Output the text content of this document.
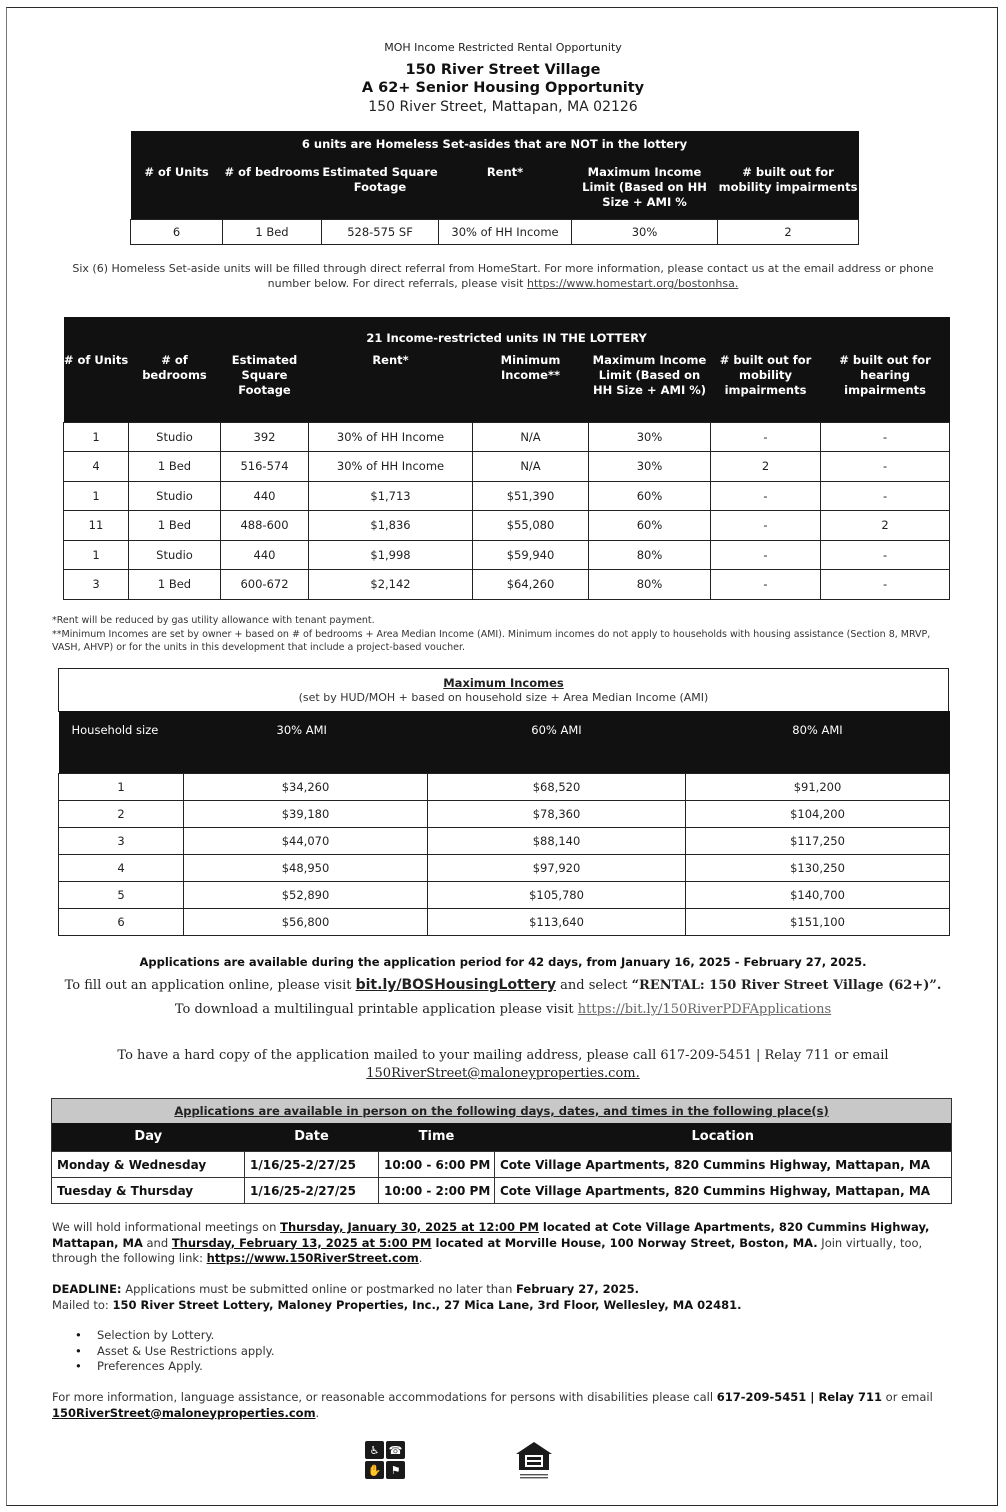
MOH Income Restricted Rental Opportunity
150 River Street Village
A 62+ Senior Housing Opportunity
150 River Street, Mattapan, MA 02126
6 units are Homeless Set-asides that are NOT in the lottery					
# of Units	# of bedrooms	Estimated Square Footage	Rent*	Maximum Income Limit (Based on HH Size + AMI %	# built out for mobility impairments
6	1 Bed	528-575 SF	30% of HH Income	30%	2
Six (6) Homeless Set-aside units will be filled through direct referral from HomeStart. For more information, please contact us at the email address or phone number below. For direct referrals, please visit https://www.homestart.org/bostonhsa.
21 Income-restricted units IN THE LOTTERY							
# of Units	# of bedrooms	Estimated Square Footage	Rent*	Minimum Income**	Maximum Income Limit (Based on HH Size + AMI %)	# built out for mobility impairments	# built out for hearing impairments
1	Studio	392	30% of HH Income	N/A	30%	-	-
4	1 Bed	516-574	30% of HH Income	N/A	30%	2	-
1	Studio	440	$1,713	$51,390	60%	-	-
11	1 Bed	488-600	$1,836	$55,080	60%	-	2
1	Studio	440	$1,998	$59,940	80%	-	-
3	1 Bed	600-672	$2,142	$64,260	80%	-	-
*Rent will be reduced by gas utility allowance with tenant payment.
**Minimum Incomes are set by owner + based on # of bedrooms + Area Median Income (AMI). Minimum incomes do not apply to households with housing assistance (Section 8, MRVP, VASH, AHVP) or for the units in this development that include a project-based voucher.
Maximum Incomes
(set by HUD/MOH + based on household size + Area Median Income (AMI)
Household size	30% AMI	60% AMI	80% AMI
1	$34,260	$68,520	$91,200
2	$39,180	$78,360	$104,200
3	$44,070	$88,140	$117,250
4	$48,950	$97,920	$130,250
5	$52,890	$105,780	$140,700
6	$56,800	$113,640	$151,100
Applications are available during the application period for 42 days, from January 16, 2025 - February 27, 2025.
To fill out an application online, please visit bit.ly/BOSHousingLottery and select “RENTAL: 150 River Street Village (62+)”.
To download a multilingual printable application please visit https://bit.ly/150RiverPDFApplications
To have a hard copy of the application mailed to your mailing address, please call 617-209-5451 | Relay 711 or email
150RiverStreet@maloneyproperties.com.
Applications are available in person on the following days, dates, and times in the following place(s)			
Day	Date	Time	Location
Monday & Wednesday	1/16/25-2/27/25	10:00 - 6:00 PM	Cote Village Apartments, 820 Cummins Highway, Mattapan, MA
Tuesday & Thursday	1/16/25-2/27/25	10:00 - 2:00 PM	Cote Village Apartments, 820 Cummins Highway, Mattapan, MA
We will hold informational meetings on Thursday, January 30, 2025 at 12:00 PM located at Cote Village Apartments, 820 Cummins Highway, Mattapan, MA and Thursday, February 13, 2025 at 5:00 PM located at Morville House, 100 Norway Street, Boston, MA. Join virtually, too, through the following link: https://www.150RiverStreet.com.
DEADLINE: Applications must be submitted online or postmarked no later than February 27, 2025.
Mailed to: 150 River Street Lottery, Maloney Properties, Inc., 27 Mica Lane, 3rd Floor, Wellesley, MA 02481.
• Selection by Lottery.
• Asset & Use Restrictions apply.
• Preferences Apply.
For more information, language assistance, or reasonable accommodations for persons with disabilities please call 617-209-5451 | Relay 711 or email 150RiverStreet@maloneyproperties.com.
♿ ☎
✋ ⚑
